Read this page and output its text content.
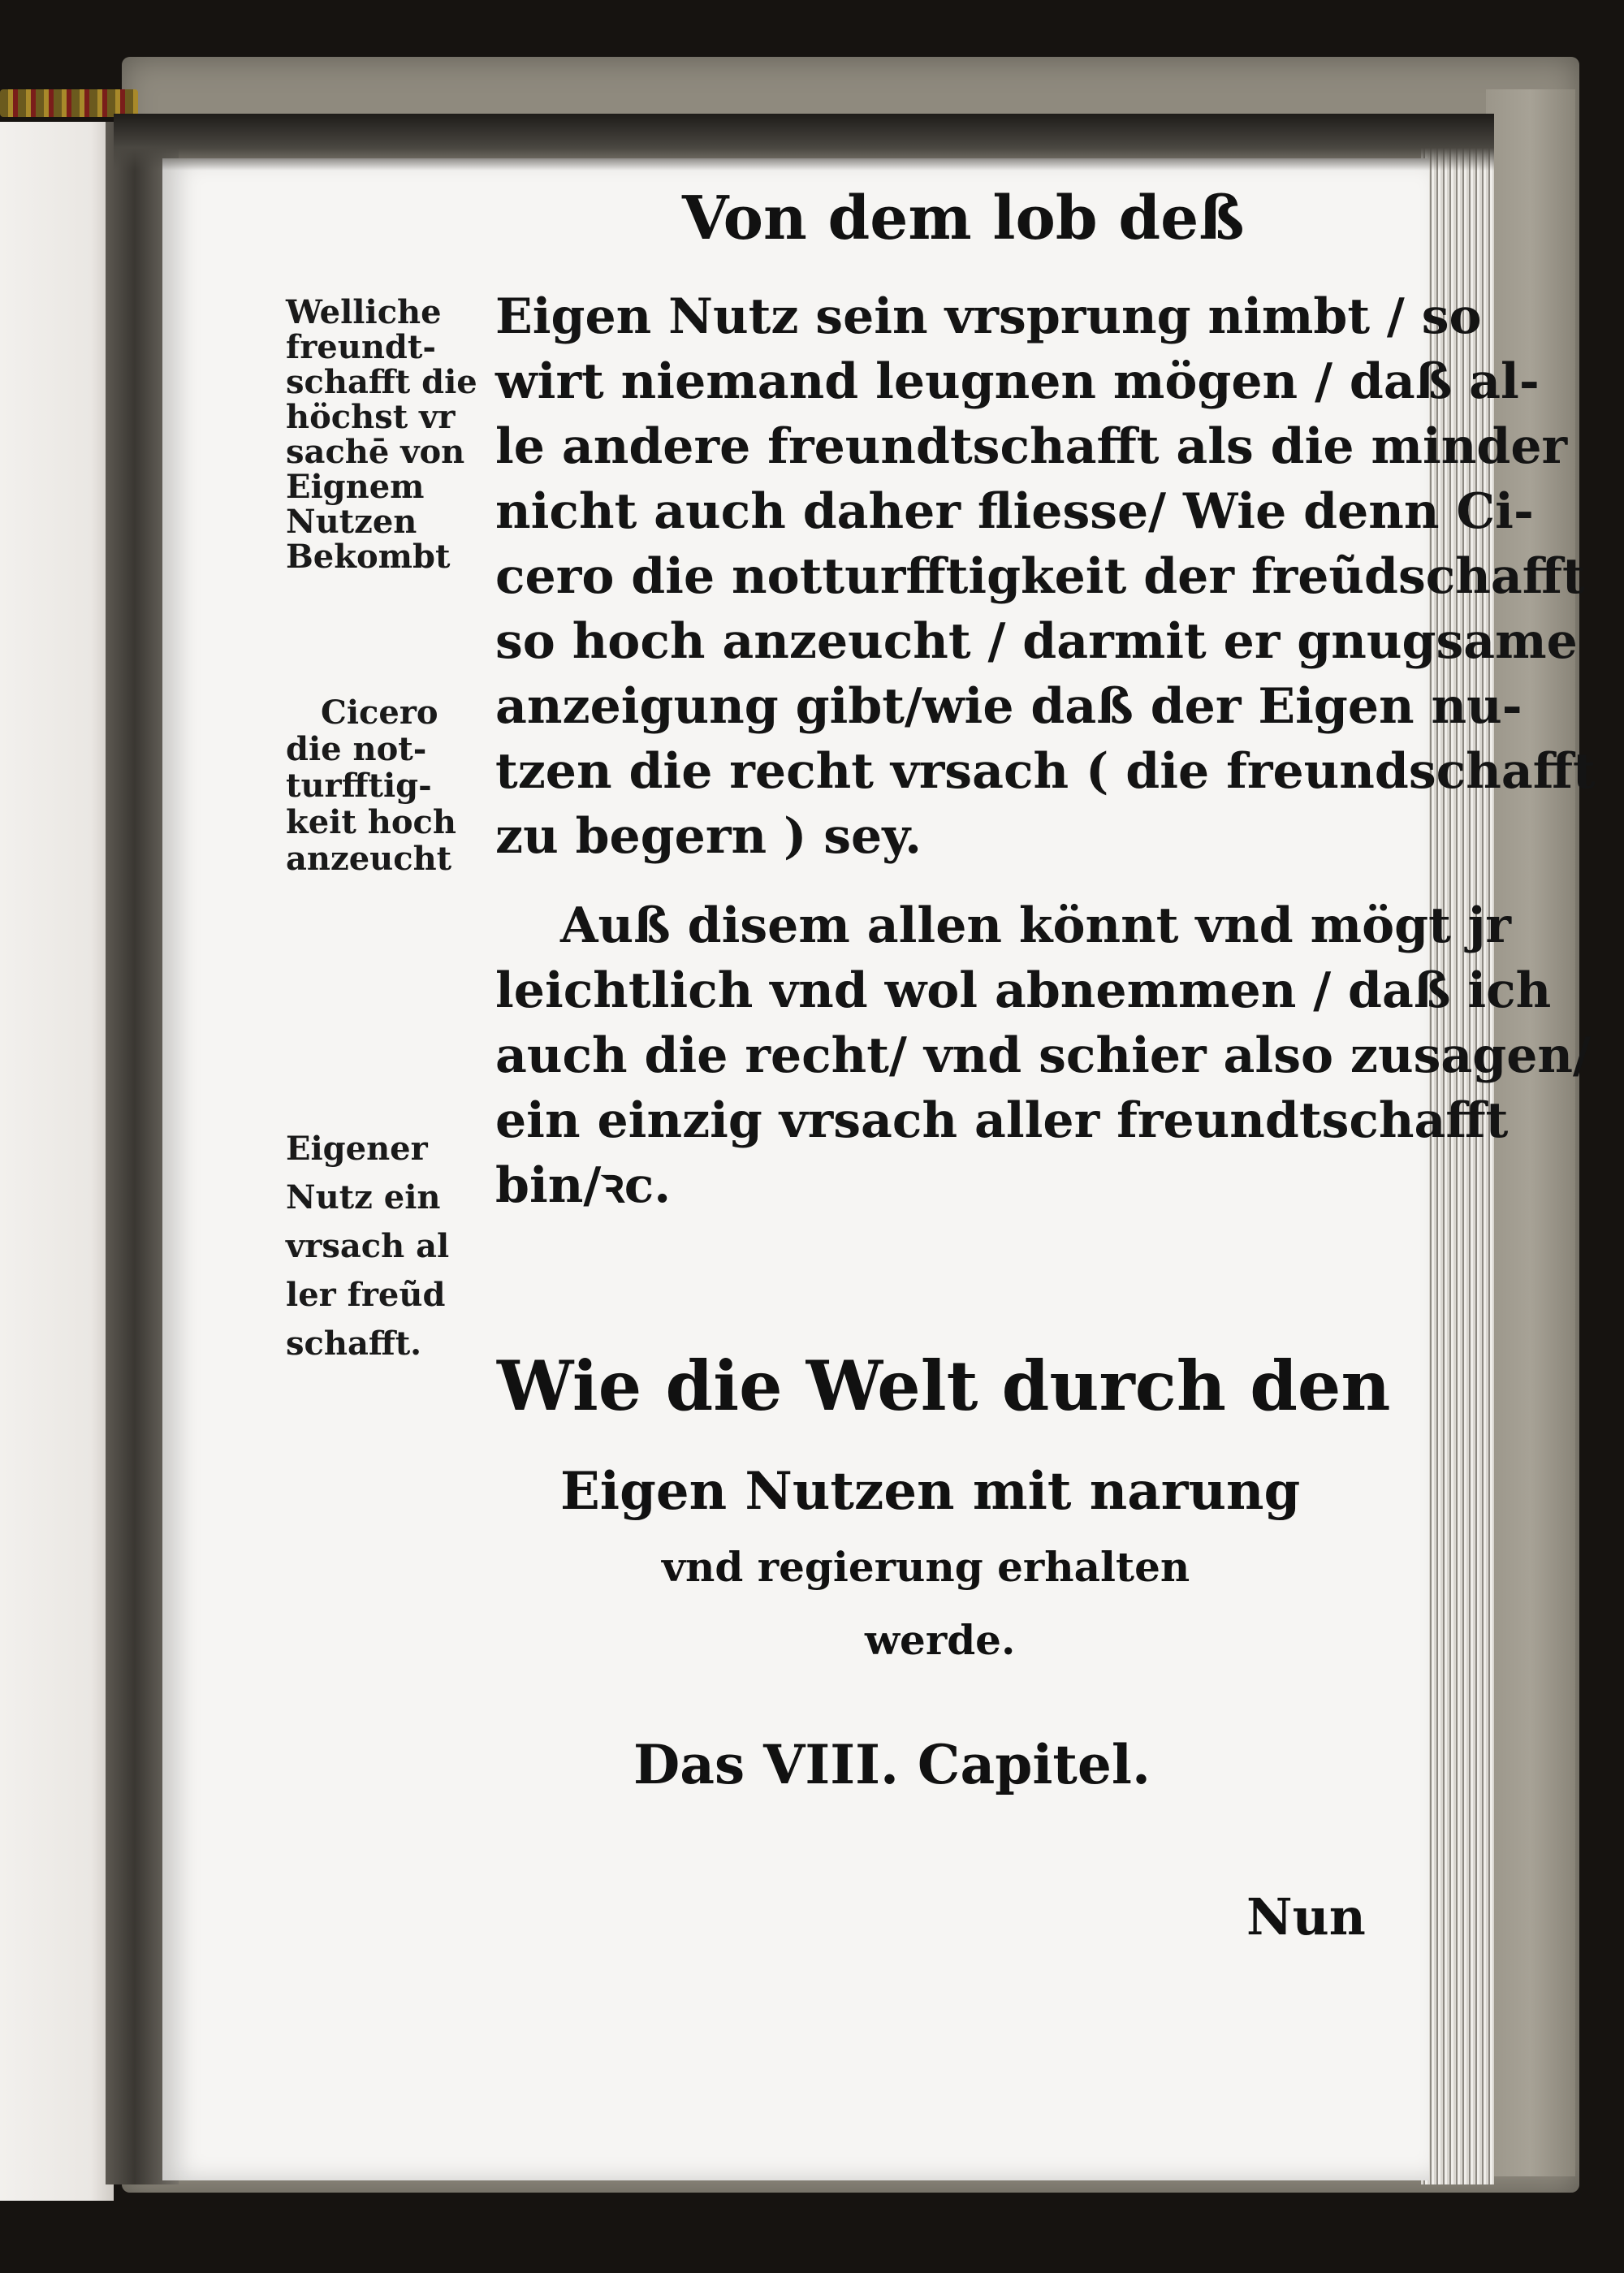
Von dem lob deß
Eigen Nutz sein vrsprung nimbt / so
wirt niemand leugnen mögen / daß al-
le andere freundtschafft als die minder
nicht auch daher fliesse/ Wie denn Ci-
cero die notturfftigkeit der freũdschafft
so hoch anzeucht / darmit er gnugsame
anzeigung gibt/wie daß der Eigen nu-
tzen die recht vrsach ( die freundschafft
zu begern ) sey.
Auß disem allen könnt vnd mögt jr
leichtlich vnd wol abnemmen / daß ich
auch die recht/ vnd schier also zusagen/
ein einzig vrsach aller freundtschafft
bin/ꝛc.
Welliche
freundt-
schafft die
höchst vr
sachē von
Eignem
Nutzen
Bekombt
Cicero
die not-
turfftig-
keit hoch
anzeucht
Eigener
Nutz ein
vrsach al
ler freũd
schafft.
Wie die Welt durch den
Eigen Nutzen mit narung
vnd regierung erhalten
werde.
Das VIII. Capitel.
Nun
